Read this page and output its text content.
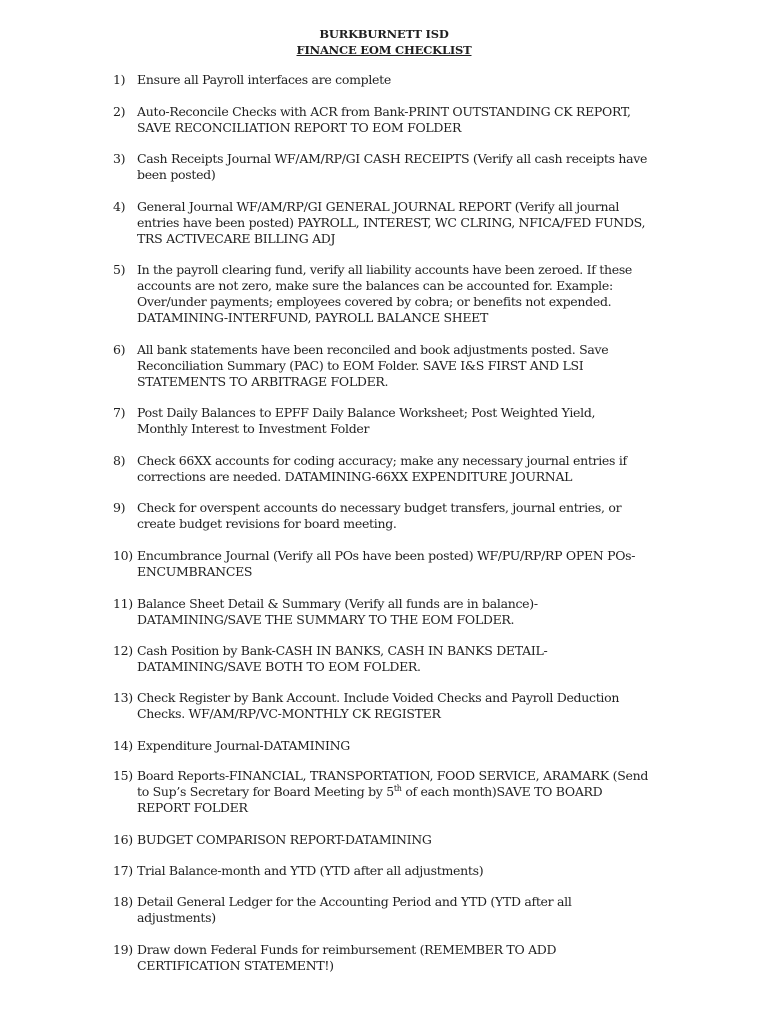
BURKBURNETT ISD
FINANCE EOM CHECKLIST
1) Ensure all Payroll interfaces are complete
2) Auto-Reconcile Checks with ACR from Bank-PRINT OUTSTANDING CK REPORT,
SAVE RECONCILIATION REPORT TO EOM FOLDER
3) Cash Receipts Journal WF/AM/RP/GI CASH RECEIPTS (Verify all cash receipts have
been posted)
4) General Journal WF/AM/RP/GI GENERAL JOURNAL REPORT (Verify all journal
entries have been posted) PAYROLL, INTEREST, WC CLRING, NFICA/FED FUNDS,
TRS ACTIVECARE BILLING ADJ
5) In the payroll clearing fund, verify all liability accounts have been zeroed. If these
accounts are not zero, make sure the balances can be accounted for. Example:
Over/under payments; employees covered by cobra; or benefits not expended.
DATAMINING-INTERFUND, PAYROLL BALANCE SHEET
6) All bank statements have been reconciled and book adjustments posted. Save
Reconciliation Summary (PAC) to EOM Folder. SAVE I&S FIRST AND LSI
STATEMENTS TO ARBITRAGE FOLDER.
7) Post Daily Balances to EPFF Daily Balance Worksheet; Post Weighted Yield,
Monthly Interest to Investment Folder
8) Check 66XX accounts for coding accuracy; make any necessary journal entries if
corrections are needed. DATAMINING-66XX EXPENDITURE JOURNAL
9) Check for overspent accounts do necessary budget transfers, journal entries, or
create budget revisions for board meeting.
10) Encumbrance Journal (Verify all POs have been posted) WF/PU/RP/RP OPEN POs-
ENCUMBRANCES
11) Balance Sheet Detail & Summary (Verify all funds are in balance)-
DATAMINING/SAVE THE SUMMARY TO THE EOM FOLDER.
12) Cash Position by Bank-CASH IN BANKS, CASH IN BANKS DETAIL-
DATAMINING/SAVE BOTH TO EOM FOLDER.
13) Check Register by Bank Account. Include Voided Checks and Payroll Deduction
Checks. WF/AM/RP/VC-MONTHLY CK REGISTER
14) Expenditure Journal-DATAMINING
15) Board Reports-FINANCIAL, TRANSPORTATION, FOOD SERVICE, ARAMARK (Send
to Sup’s Secretary for Board Meeting by 5th of each month)SAVE TO BOARD
REPORT FOLDER
16) BUDGET COMPARISON REPORT-DATAMINING
17) Trial Balance-month and YTD (YTD after all adjustments)
18) Detail General Ledger for the Accounting Period and YTD (YTD after all
adjustments)
19) Draw down Federal Funds for reimbursement (REMEMBER TO ADD
CERTIFICATION STATEMENT!)
